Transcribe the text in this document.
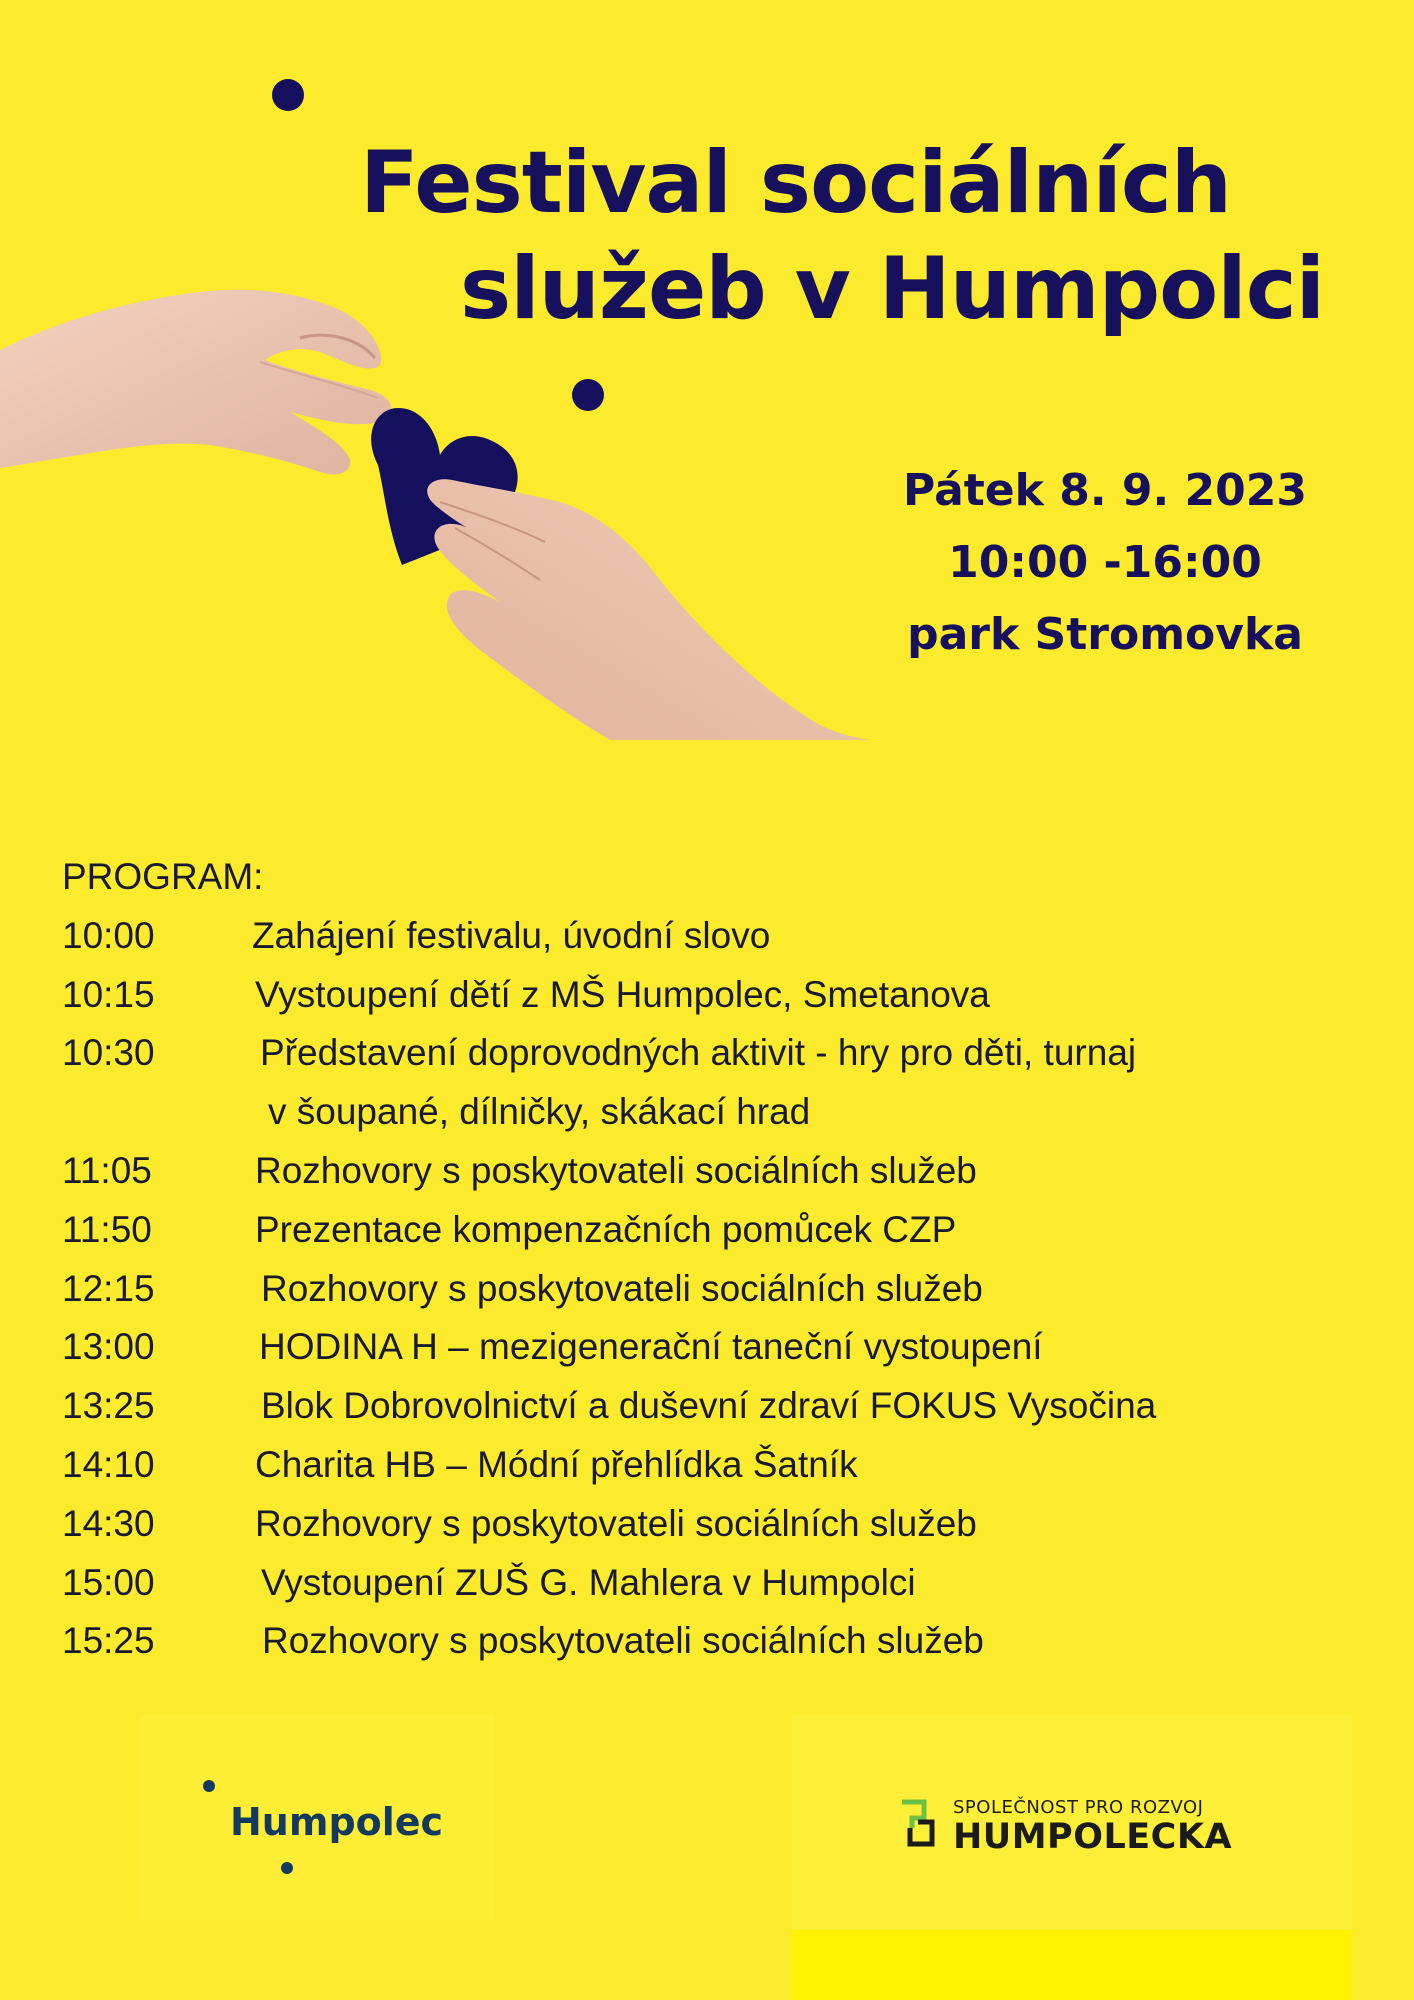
Festival sociálních
služeb v Humpolci
Pátek 8. 9. 2023
10:00 -16:00
park Stromovka
PROGRAM:
10:00	Zahájení festivalu, úvodní slovo
10:15	Vystoupení dětí z MŠ Humpolec, Smetanova
10:30	Představení doprovodných aktivit - hry pro děti, turnaj
v šoupané, dílničky, skákací hrad
11:05	Rozhovory s poskytovateli sociálních služeb
11:50	Prezentace kompenzačních pomůcek CZP
12:15	Rozhovory s poskytovateli sociálních služeb
13:00	HODINA H – mezigenerační taneční vystoupení
13:25	Blok Dobrovolnictví a duševní zdraví FOKUS Vysočina
14:10	Charita HB – Módní přehlídka Šatník
14:30	Rozhovory s poskytovateli sociálních služeb
15:00	Vystoupení ZUŠ G. Mahlera v Humpolci
15:25	Rozhovory s poskytovateli sociálních služeb
Humpolec	SPOLEČNOST PRO ROZVOJ
HUMPOLECKA
